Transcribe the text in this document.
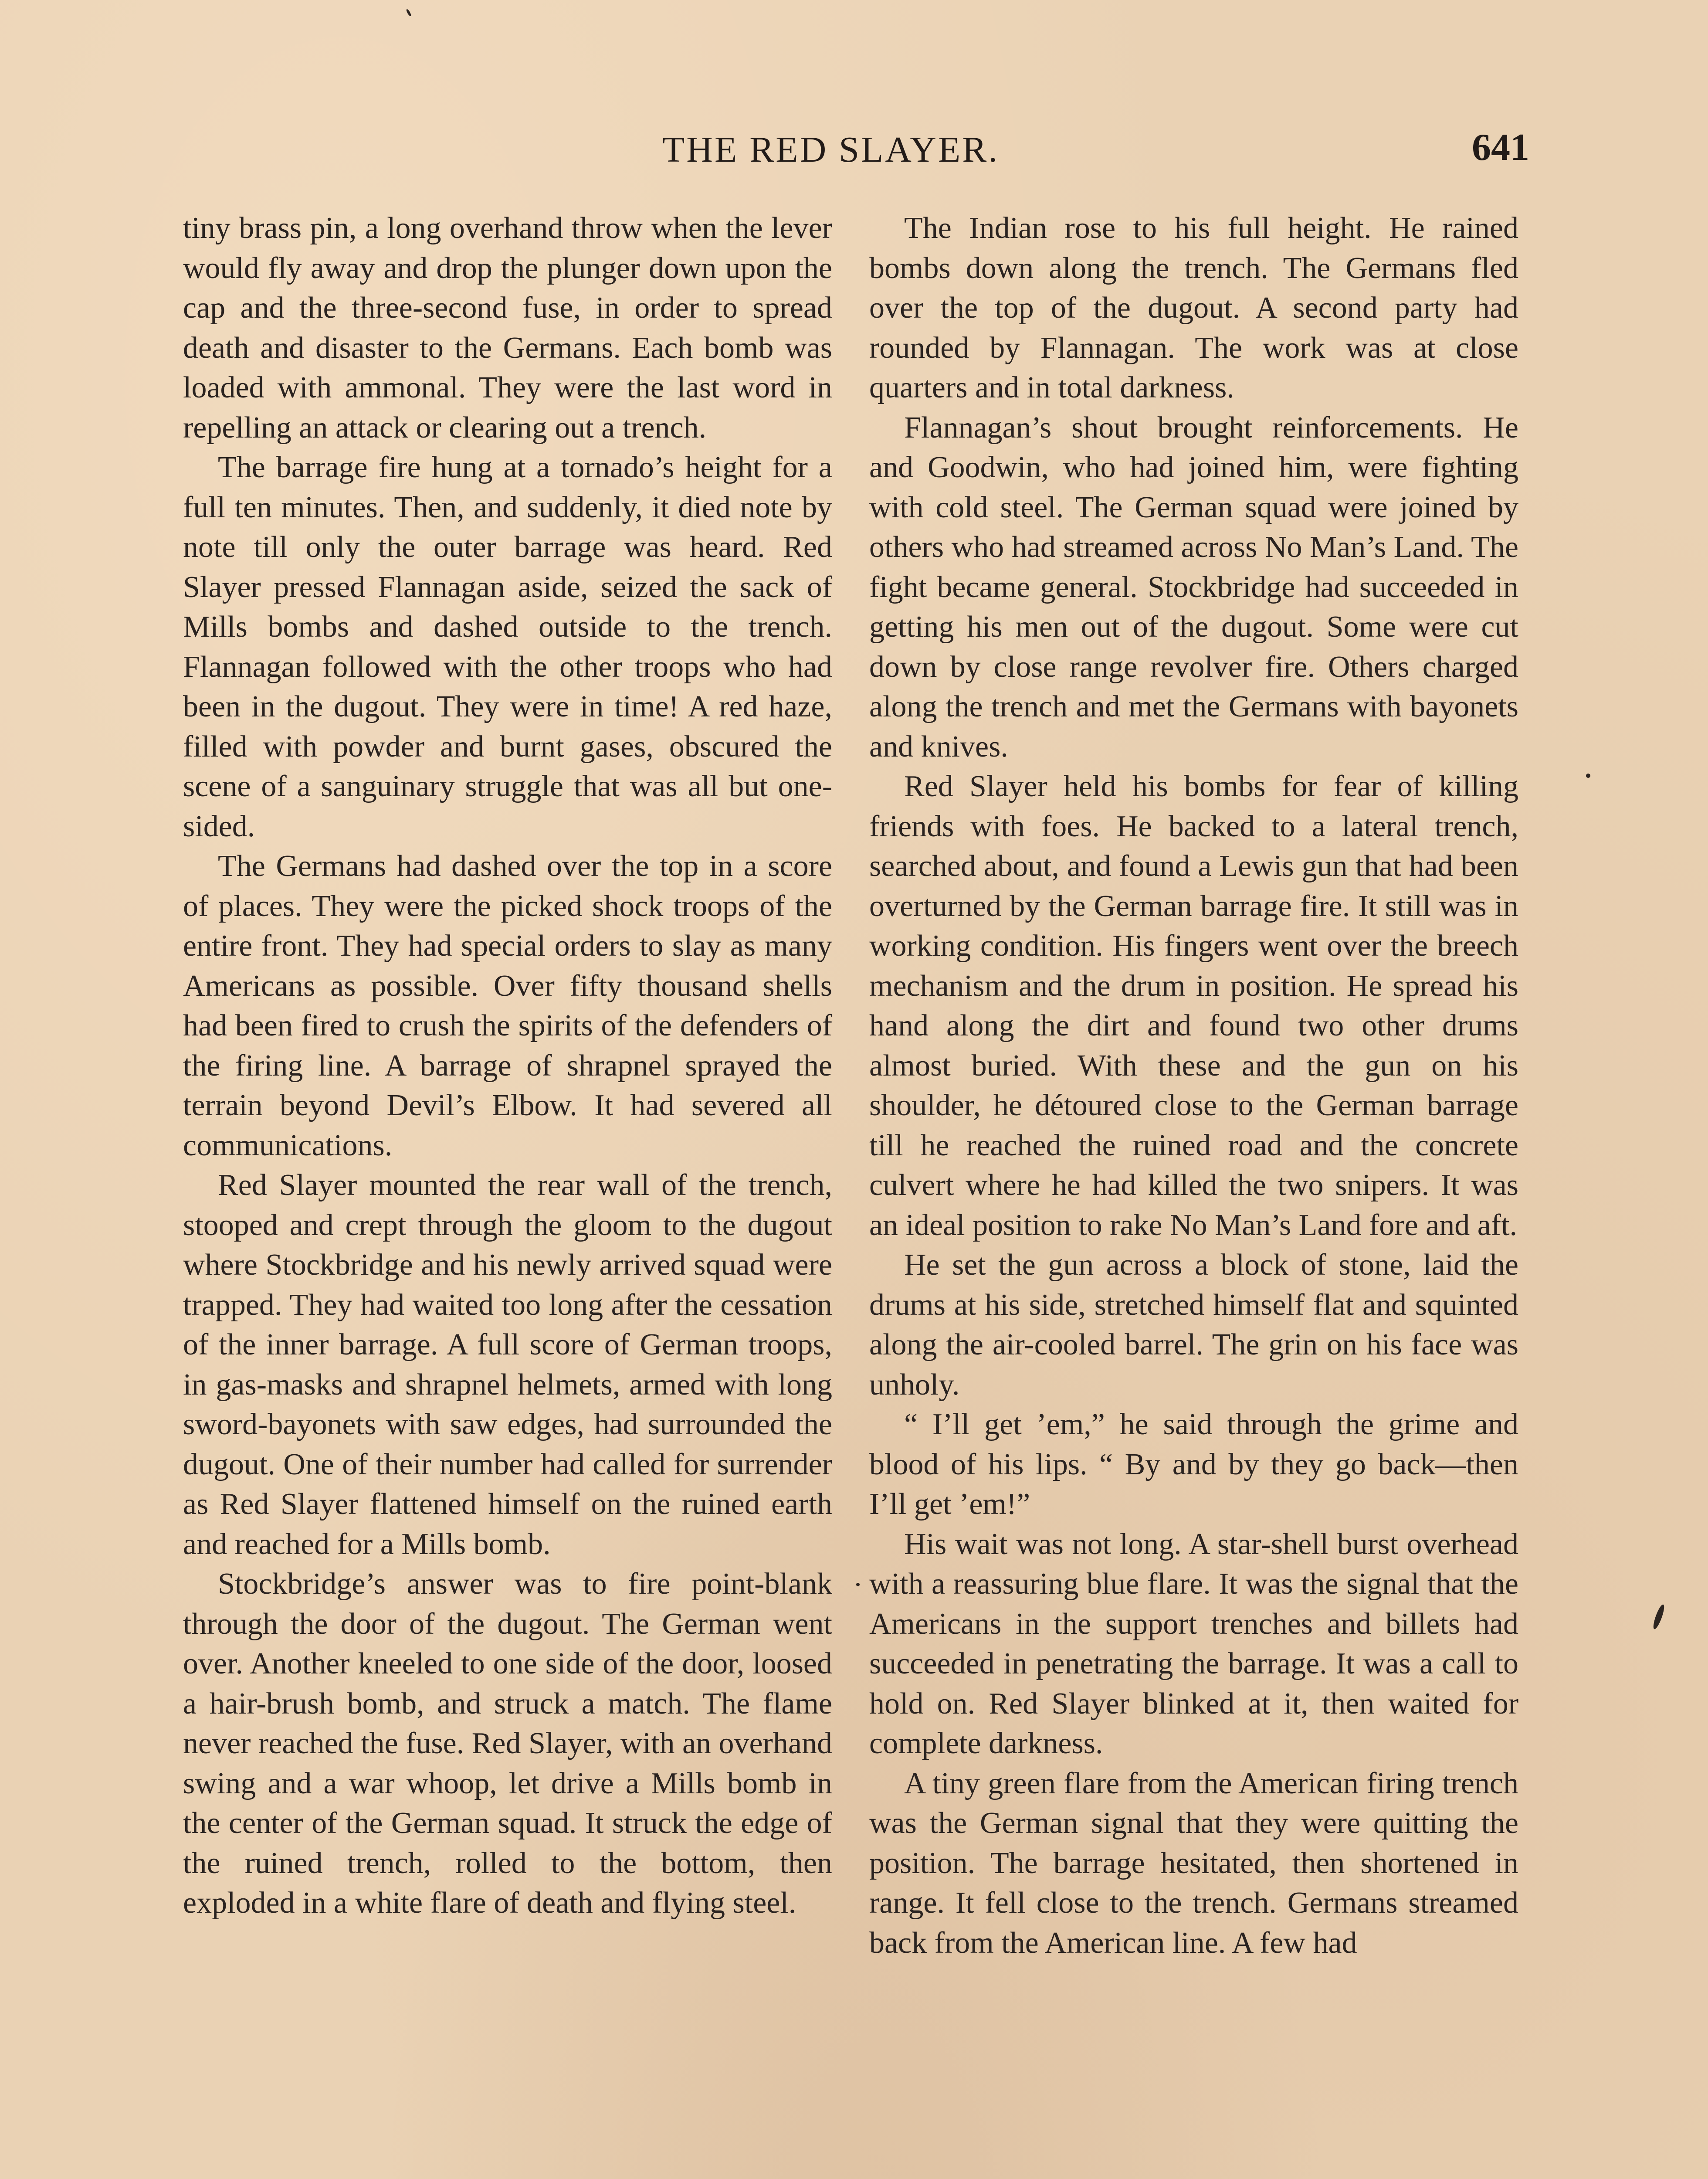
THE RED SLAYER.	641

tiny brass pin, a long overhand throw when the lever would fly away and drop the plunger down upon the cap and the three-second fuse, in order to spread death and disaster to the Germans. Each bomb was loaded with ammonal. They were the last word in repelling an attack or clearing out a trench.

The barrage fire hung at a tornado’s height for a full ten minutes. Then, and suddenly, it died note by note till only the outer barrage was heard. Red Slayer pressed Flannagan aside, seized the sack of Mills bombs and dashed outside to the trench. Flannagan followed with the other troops who had been in the dugout. They were in time! A red haze, filled with powder and burnt gases, obscured the scene of a sanguinary struggle that was all but one-sided.

The Germans had dashed over the top in a score of places. They were the picked shock troops of the entire front. They had special orders to slay as many Americans as possible. Over fifty thousand shells had been fired to crush the spirits of the defenders of the firing line. A barrage of shrapnel sprayed the terrain beyond Devil’s Elbow. It had severed all communications.

Red Slayer mounted the rear wall of the trench, stooped and crept through the gloom to the dugout where Stockbridge and his newly arrived squad were trapped. They had waited too long after the cessation of the inner barrage. A full score of German troops, in gas-masks and shrapnel helmets, armed with long sword-bayonets with saw edges, had surrounded the dugout. One of their number had called for surrender as Red Slayer flattened himself on the ruined earth and reached for a Mills bomb.

Stockbridge’s answer was to fire point-blank through the door of the dugout. The German went over. Another kneeled to one side of the door, loosed a hair-brush bomb, and struck a match. The flame never reached the fuse. Red Slayer, with an overhand swing and a war whoop, let drive a Mills bomb in the center of the German squad. It struck the edge of the ruined trench, rolled to the bottom, then exploded in a white flare of death and flying steel.

The Indian rose to his full height. He rained bombs down along the trench. The Germans fled over the top of the dugout. A second party had rounded by Flannagan. The work was at close quarters and in total darkness.

Flannagan’s shout brought reinforcements. He and Goodwin, who had joined him, were fighting with cold steel. The German squad were joined by others who had streamed across No Man’s Land. The fight became general. Stockbridge had succeeded in getting his men out of the dugout. Some were cut down by close range revolver fire. Others charged along the trench and met the Germans with bayonets and knives.

Red Slayer held his bombs for fear of killing friends with foes. He backed to a lateral trench, searched about, and found a Lewis gun that had been overturned by the German barrage fire. It still was in working condition. His fingers went over the breech mechanism and the drum in position. He spread his hand along the dirt and found two other drums almost buried. With these and the gun on his shoulder, he détoured close to the German barrage till he reached the ruined road and the concrete culvert where he had killed the two snipers. It was an ideal position to rake No Man’s Land fore and aft.

He set the gun across a block of stone, laid the drums at his side, stretched himself flat and squinted along the air-cooled barrel. The grin on his face was unholy.

“ I’ll get ’em,” he said through the grime and blood of his lips. “ By and by they go back—then I’ll get ’em!”

His wait was not long. A star-shell burst overhead with a reassuring blue flare. It was the signal that the Americans in the support trenches and billets had succeeded in penetrating the barrage. It was a call to hold on. Red Slayer blinked at it, then waited for complete darkness.

A tiny green flare from the American firing trench was the German signal that they were quitting the position. The barrage hesitated, then shortened in range. It fell close to the trench. Germans streamed back from the American line. A few had
